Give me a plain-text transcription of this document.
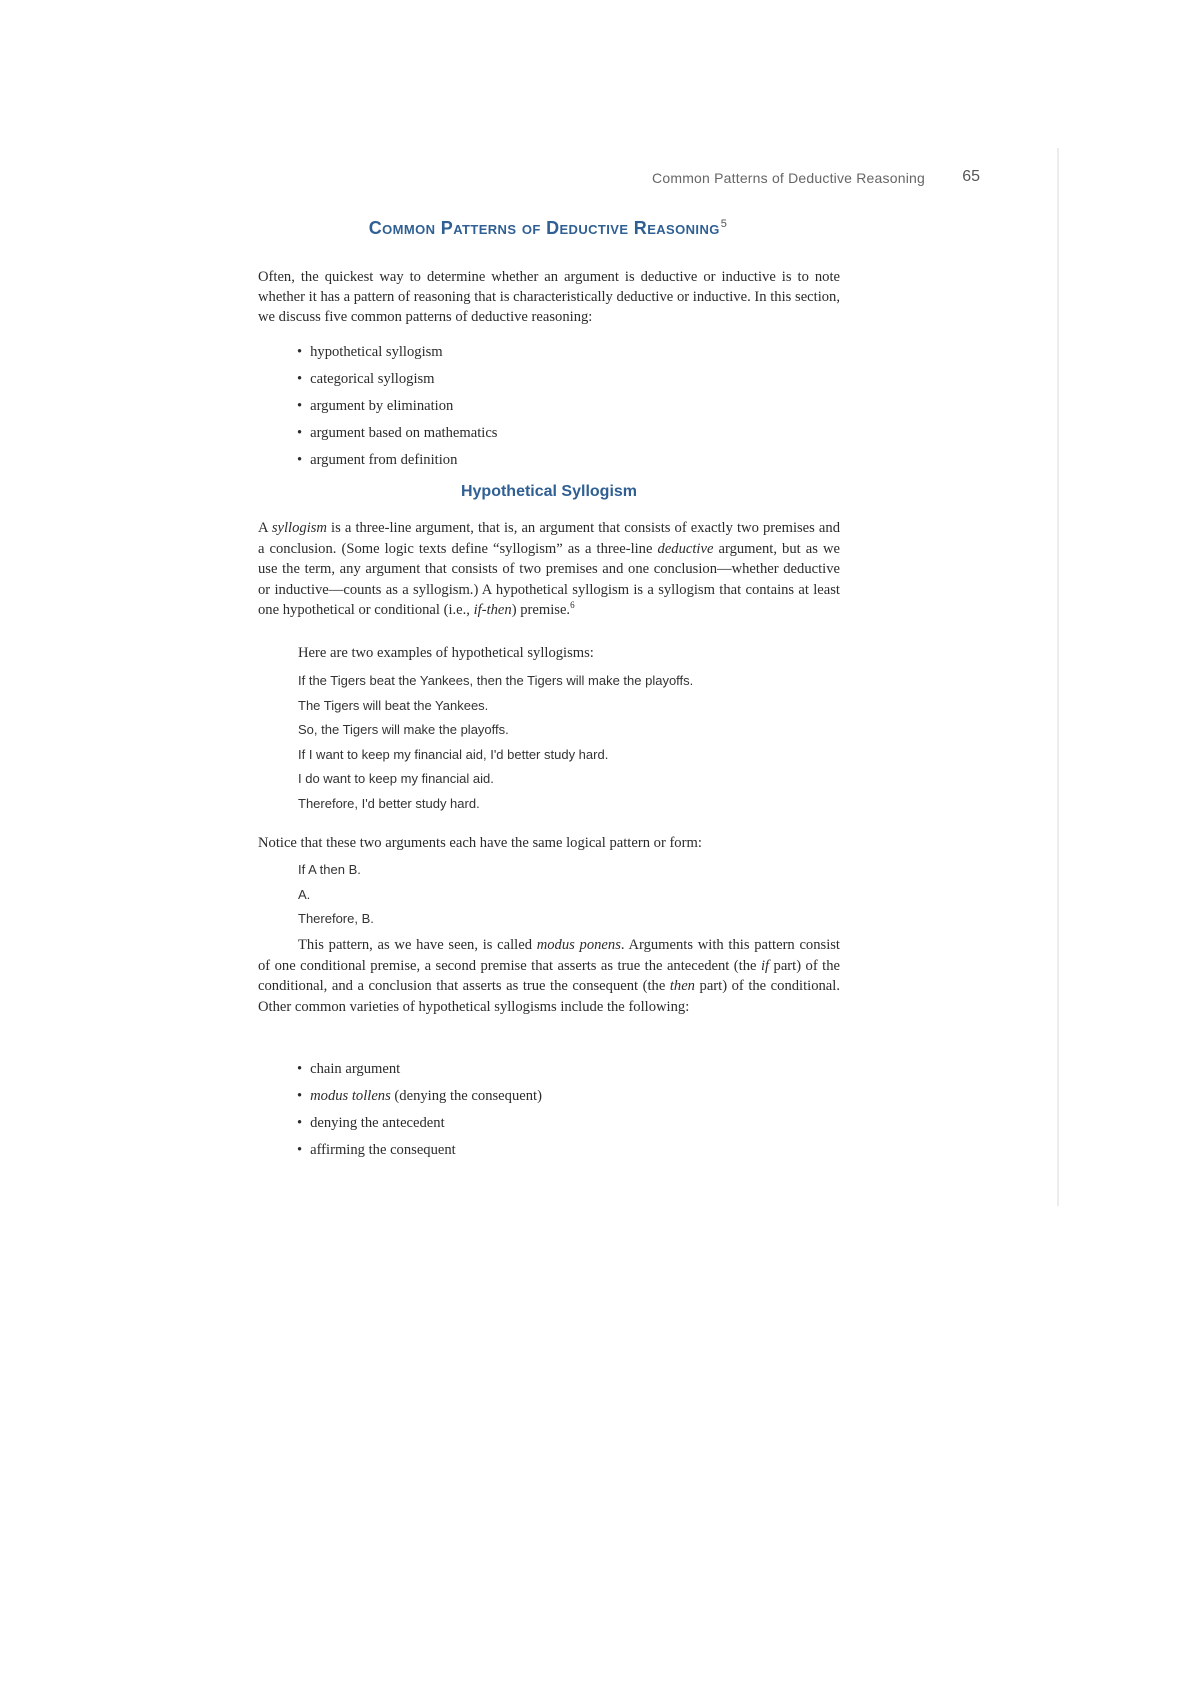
Common Patterns of Deductive Reasoning 65
Common Patterns of Deductive Reasoning$^5$

Often, the quickest way to determine whether an argument is deductive or inductive is to note whether it has a pattern of reasoning that is characteristically deductive or inductive. In this section, we discuss five common patterns of deductive reasoning:

• hypothetical syllogism
• categorical syllogism
• argument by elimination
• argument based on mathematics
• argument from definition
Hypothetical Syllogism

A syllogism is a three-line argument, that is, an argument that consists of exactly two premises and a conclusion. (Some logic texts define “syllogism” as a three-line deductive argument, but as we use the term, any argument that consists of two premises and one conclusion—whether deductive or inductive—counts as a syllogism.) A hypothetical syllogism is a syllogism that contains at least one hypothetical or conditional (i.e., if-then) premise.$^6$

Here are two examples of hypothetical syllogisms:
If the Tigers beat the Yankees, then the Tigers will make the playoffs.
The Tigers will beat the Yankees.
So, the Tigers will make the playoffs.
If I want to keep my financial aid, I'd better study hard.
I do want to keep my financial aid.
Therefore, I'd better study hard.

Notice that these two arguments each have the same logical pattern or form:

If A then B.
A.
Therefore, B.

This pattern, as we have seen, is called modus ponens. Arguments with this pattern consist of one conditional premise, a second premise that asserts as true the antecedent (the if part) of the conditional, and a conclusion that asserts as true the consequent (the then part) of the conditional. Other common varieties of hypothetical syllogisms include the following:

• chain argument
• modus tollens (denying the consequent)
• denying the antecedent
• affirming the consequent
